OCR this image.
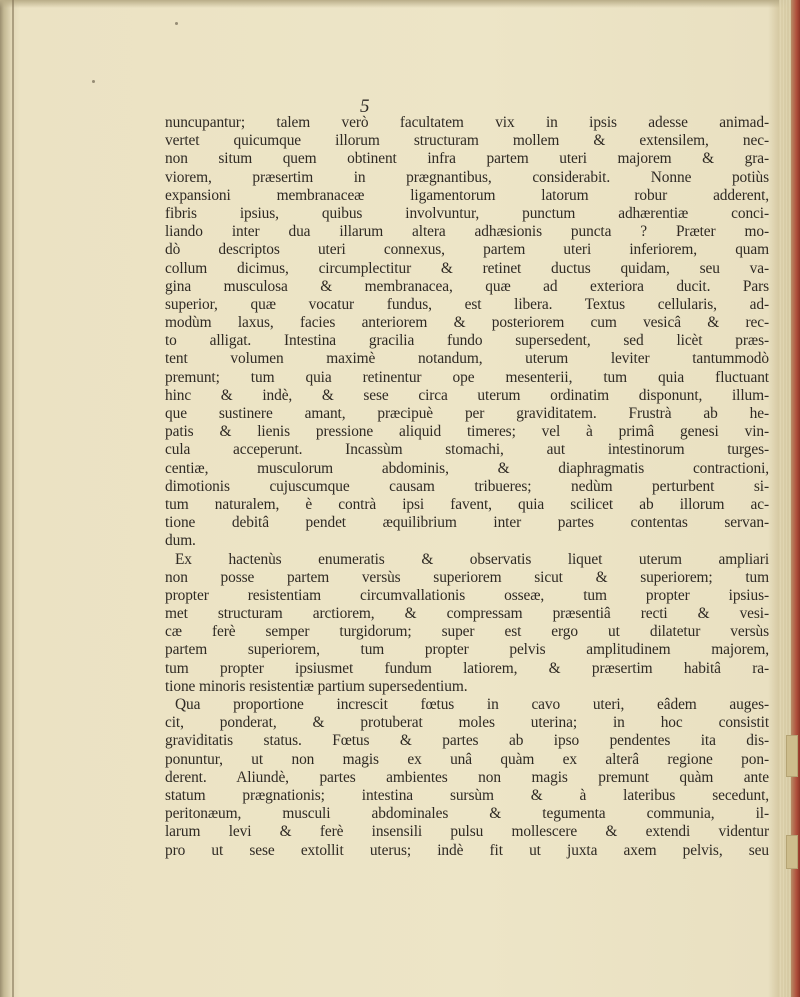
5
nuncupantur; talem verò facultatem vix in ipsis adesse animad-
vertet quicumque illorum structuram mollem & extensilem, nec-
non situm quem obtinent infra partem uteri majorem & gra-
viorem, præsertim in prægnantibus, considerabit. Nonne potiùs
expansioni membranaceæ ligamentorum latorum robur adderent,
fibris ipsius, quibus involvuntur, punctum adhærentiæ conci-
liando inter dua illarum altera adhæsionis puncta ? Præter mo-
dò descriptos uteri connexus, partem uteri inferiorem, quam
collum dicimus, circumplectitur & retinet ductus quidam, seu va-
gina musculosa & membranacea, quæ ad exteriora ducit. Pars
superior, quæ vocatur fundus, est libera. Textus cellularis, ad-
modùm laxus, facies anteriorem & posteriorem cum vesicâ & rec-
to alligat. Intestina gracilia fundo supersedent, sed licèt præs-
tent volumen maximè notandum, uterum leviter tantummodò
premunt; tum quia retinentur ope mesenterii, tum quia fluctuant
hinc & indè, & sese circa uterum ordinatim disponunt, illum-
que sustinere amant, præcipuè per graviditatem. Frustrà ab he-
patis & lienis pressione aliquid timeres; vel à primâ genesi vin-
cula acceperunt. Incassùm stomachi, aut intestinorum turges-
centiæ, musculorum abdominis, & diaphragmatis contractioni,
dimotionis cujuscumque causam tribueres; nedùm perturbent si-
tum naturalem, è contrà ipsi favent, quia scilicet ab illorum ac-
tione debitâ pendet æquilibrium inter partes contentas servan-
dum.
Ex hactenùs enumeratis & observatis liquet uterum ampliari
non posse partem versùs superiorem sicut & superiorem; tum
propter resistentiam circumvallationis osseæ, tum propter ipsius-
met structuram arctiorem, & compressam præsentiâ recti & vesi-
cæ ferè semper turgidorum; super est ergo ut dilatetur versùs
partem superiorem, tum propter pelvis amplitudinem majorem,
tum propter ipsiusmet fundum latiorem, & præsertim habitâ ra-
tione minoris resistentiæ partium supersedentium.
Qua proportione increscit fœtus in cavo uteri, eâdem auges-
cit, ponderat, & protuberat moles uterina; in hoc consistit
graviditatis status. Fœtus & partes ab ipso pendentes ita dis-
ponuntur, ut non magis ex unâ quàm ex alterâ regione pon-
derent. Aliundè, partes ambientes non magis premunt quàm ante
statum prægnationis; intestina sursùm & à lateribus secedunt,
peritonæum, musculi abdominales & tegumenta communia, il-
larum levi & ferè insensili pulsu mollescere & extendi videntur
pro ut sese extollit uterus; indè fit ut juxta axem pelvis, seu
